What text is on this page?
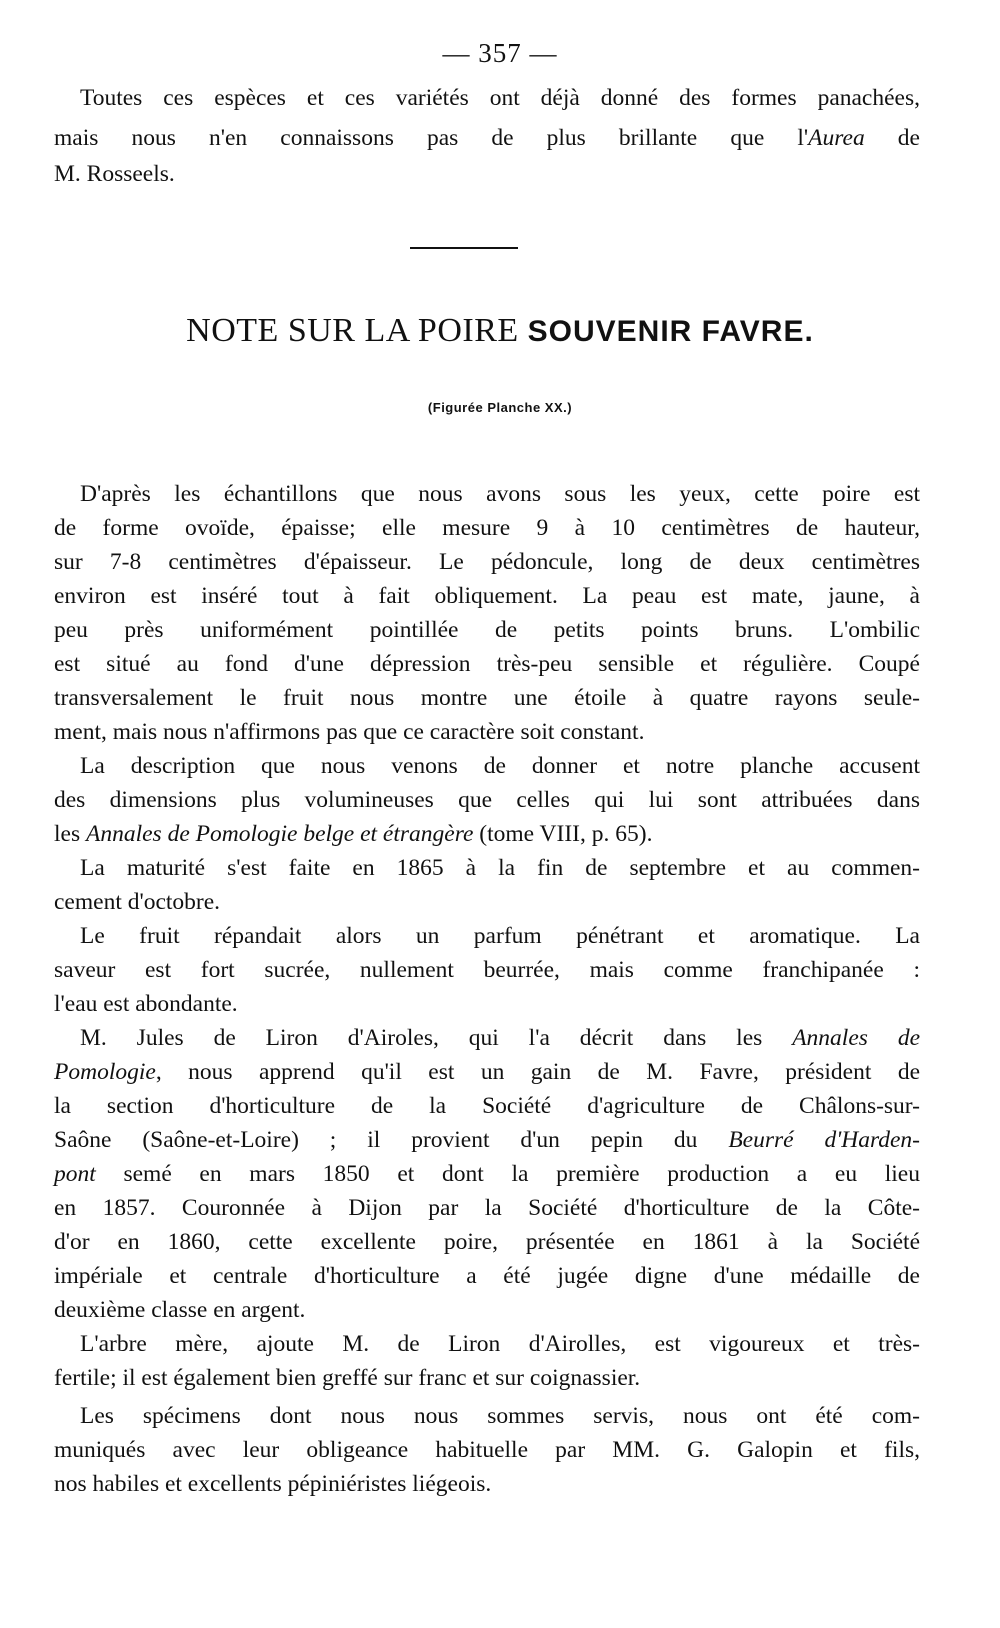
— 357 —
Toutes ces espèces et ces variétés ont déjà donné des formes panachées,
mais nous n'en connaissons pas de plus brillante que l'Aurea de
M. Rosseels.
NOTE SUR LA POIRE SOUVENIR FAVRE.
(Figurée Planche XX.)
D'après les échantillons que nous avons sous les yeux, cette poire est
de forme ovoïde, épaisse; elle mesure 9 à 10 centimètres de hauteur,
sur 7-8 centimètres d'épaisseur. Le pédoncule, long de deux centimètres
environ est inséré tout à fait obliquement. La peau est mate, jaune, à
peu près uniformément pointillée de petits points bruns. L'ombilic
est situé au fond d'une dépression très-peu sensible et régulière. Coupé
transversalement le fruit nous montre une étoile à quatre rayons seule-
ment, mais nous n'affirmons pas que ce caractère soit constant.
La description que nous venons de donner et notre planche accusent
des dimensions plus volumineuses que celles qui lui sont attribuées dans
les Annales de Pomologie belge et étrangère (tome VIII, p. 65).
La maturité s'est faite en 1865 à la fin de septembre et au commen-
cement d'octobre.
Le fruit répandait alors un parfum pénétrant et aromatique. La
saveur est fort sucrée, nullement beurrée, mais comme franchipanée :
l'eau est abondante.
M. Jules de Liron d'Airoles, qui l'a décrit dans les Annales de
Pomologie, nous apprend qu'il est un gain de M. Favre, président de
la section d'horticulture de la Société d'agriculture de Châlons-sur-
Saône (Saône-et-Loire) ; il provient d'un pepin du Beurré d'Harden-
pont semé en mars 1850 et dont la première production a eu lieu
en 1857. Couronnée à Dijon par la Société d'horticulture de la Côte-
d'or en 1860, cette excellente poire, présentée en 1861 à la Société
impériale et centrale d'horticulture a été jugée digne d'une médaille de
deuxième classe en argent.
L'arbre mère, ajoute M. de Liron d'Airolles, est vigoureux et très-
fertile; il est également bien greffé sur franc et sur coignassier.
Les spécimens dont nous nous sommes servis, nous ont été com-
muniqués avec leur obligeance habituelle par MM. G. Galopin et fils,
nos habiles et excellents pépiniéristes liégeois.
